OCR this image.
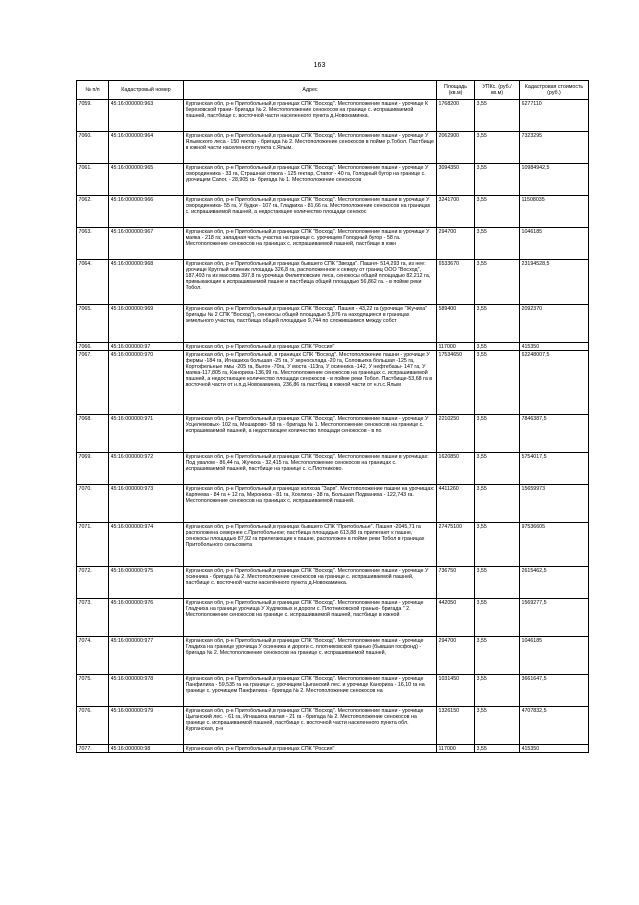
163
№ п/п	Кадастровый номер	Адрес	Площадь (кв.м)	УПКс. (руб./кв.м)	Кадастровая стоимость (руб.)

7059.	45:16:000000:963	Курганская обл, р-н Притобольный,в границах СПК "Восход". Местоположение пашни - урочище К березовской грани- бригада № 2. Местоположение сенокосов на границе с. испрашиваемой пашней, пастбище с. восточной части населенного пункта д.Новокаминка.	1768200	3,55	6277110

7060.	45:16:000000:964	Курганская обл, р-н Притобольный,в границах СПК "Восход". Местоположение пашни - урочище У Ялымского леса - 150 гектар - бригада № 2. Местоположение сенокосов в пойме р.Тобол. Пастбище в южной части населенного пункта с.Ялым.	2062900	3,55	7323295

7061.	45:16:000000:965	Курганская обл, р-н Притобольный,в границах СПК "Восход". Местоположение пашни - урочище У смородинника - 33 га, Страшная отвога - 125 гектар, Стапог - 40 га, Голодный бугор на границе с. урочищем Сапог. - 28,905 га- бригада № 1. Местоположение сенокосов	3094350	3,55	10984942,5

7062.	45:16:000000:966	Курганская обл, р-н Притобольный,в границах СПК "Восход". Местоположение пашни в урочище У смородинника- 55 га, У будки - 107 га, Гладкиха - 81,66 га. Местоположение сенокосов на границах с. испрашиваемой пашней, а недостающее количество площади сенокос	3241700	3,55	11508035

7063.	45:16:000000:967	Курганская обл, р-н Притобольный,в границах СПК "Восход". Местоположение пашни в урочище У маяка - 218 га; западная часть участка на границе с. урочищем Голодный бугор - 58 га. Местоположение сенокосов на границах с. испрашиваемой пашней, пастбище в южн	294700	3,55	1046185

7064.	45:16:000000:968	Курганская обл, р-н Притобольный,в границах бывшего СПК "Звезда". Пашня- 514,293 га, из нее: урочище Круглый осинник площадь 326,8 га, расположенное к северу от границ ООО "Восход", 187,493 га из массива 397,8 га урочища Филипповские леса, сенокосы общей площадью 82,212 га, примыкающие к испрашиваемой пашне и пастбища общей площадью 56,862 га. - в пойме реки Тобол.	6533670	3,55	23194528,5

7065.	45:16:000000:969	Курганская обл, р-н Притобольный,в границах СПК "Восход". Пашня - 43,22 га (урочище "Жучиха" бригады № 2 СПК "Восход"), сенокосы общей площадью 5,976 га находящиеся в границах земельного участка, пастбища общей площадью 9,744 по сложившимся между собст	589400	3,55	2092370

7066.	45:16:000000:97	Курганская обл, р-н Притобольный,в границах СПК "Россия"	117000	3,55	415350

7067.	45:16:000000:970	Курганская обл, р-н Притобольный, в границах СПК "Восход". Местоположение пашни - урочище У фермы -184 га, Игнашиха большая -25 га, У зерносклада -20 га, Соловьиха большая -125 га, Кортофельные ямы -205 га, Выгон -70га, У моста -113га, У осинника -142, У нефтебазы- 147 га, У маяка-117,805 га, Канориха-136,99 га. Местоположение сенокосов на границах с. испрашиваемой пашней, а недостающее количество площади сенокосов - в пойме реки Тобол. Пастбище-53,68 га в восточной части от н.п.д.Новокаминка, 236,86 га пастбищ в южной части от н.п.с.Ялым	17534650	3,55	62248007,5

7068.	45:16:000000:971	Курганская обл, р-н Притобольный,в границах СПК "Восход". Местоположение пашни - урочище У Усцелемовых- 102 га, Мошарово- 58 га - бригада № 1. Местоположение сенокосов на границе с. испрашиваемой пашней, а недостающее количество площади сенокосов - в по	2210250	3,55	7846387,5

7069.	45:16:000000:972	Курганская обл, р-н Притобольный,в границах СПК "Восход". Местоположение пашни в урочищах: Под увалом - 86,44 га, Жучиха - 32,415 га. Местоположение сенокосов на границах с. испрашиваемой пашней, пастбище на границе с. с.Плотниково.	1620850	3,55	5754017,5

7070.	45:16:000000:973	Курганская обл, р-н Притобольный,в границах колхоза "Заря". Местоположение пашни на урочищах: Карпеева - 84 га + 12 га, Мирониха - 81 га, Хохлиха - 38 га, Большая Подваниха - 122,743 га. Местоположение сенокосов на границах с. испрашиваемой пашней.	4411260	3,55	15659973

7071.	45:16:000000:974	Курганская обл, р-н Притобольный,в границах бывшего СПК "Притобольье". Пашня -2045,71 га расположена севернее с.Притобольное; пастбища площадью 613,88 га прилегают к пашне, сенокосы площадью 87,92 га прилегающие к пашне, расположен в пойме реки Тобол в границах Притобольного сельсовета	27475100	3,55	97536605

7072.	45:16:000000:975	Курганская обл, р-н Притобольный,в границах СПК "Восход". Местоположение пашни - урочище У осинника - бригада № 2. Местоположение сенокосов на границе с. испрашиваемой пашней, пастбище с. восточной части населённого пункта д.Новокаминка.	736750	3,55	2615462,5

7073.	45:16:000000:976	Курганская обл, р-н Притобольный,в границах СПК "Восход". Местоположение пашни - урочище Гладчиха на границе урочища У Худяковых и дороги с. Плотниковской гранью- бригада " 2. Местоположение сенокосов на границе с. испрашиваемой пашней, пастбище в южной	442050	3,55	1569277,5

7074.	45:16:000000:977	Курганская обл, р-н Притобольный,в границах СПК "Восход". Местоположение пашни - урочище Гладиха на границе урочища У осинника и дороги с. плотниковской гранью (бывшая госфонд) - бригада № 2. Местоположение сенокосов на границе с. испрашиваемой пашней,	294700	3,55	1046185

7075.	45:16:000000:978	Курганская обл, р-н Притобольный,в границах СПК "Восход". Местоположение пашни - урочище Панфилиха - 59,535 га на границе с. урочищем Цыганский лес. и урочище Канориха - 16,10 га на границе с. урочищем Панфилиха - бригада № 2. Местоположение сенокосов на	1031450	3,55	3661647,5

7076.	45:16:000000:979	Курганская обл, р-н Притобольный,в границах СПК "Восход". Местоположение пашни - урочище Цыганский лес. - 61 га, Игнашиха малая - 21 га - бригада № 2. Местоположение сенокосов на границе с. испрашиваемой пашней, пастбище с. восточной части населенного пункта обл. Курганская, р-н	1326150	3,55	4707832,5

7077.	45:16:000000:98	Курганская обл, р-н Притобольный,в границах СПК "Россия"	117000	3,55	415350
